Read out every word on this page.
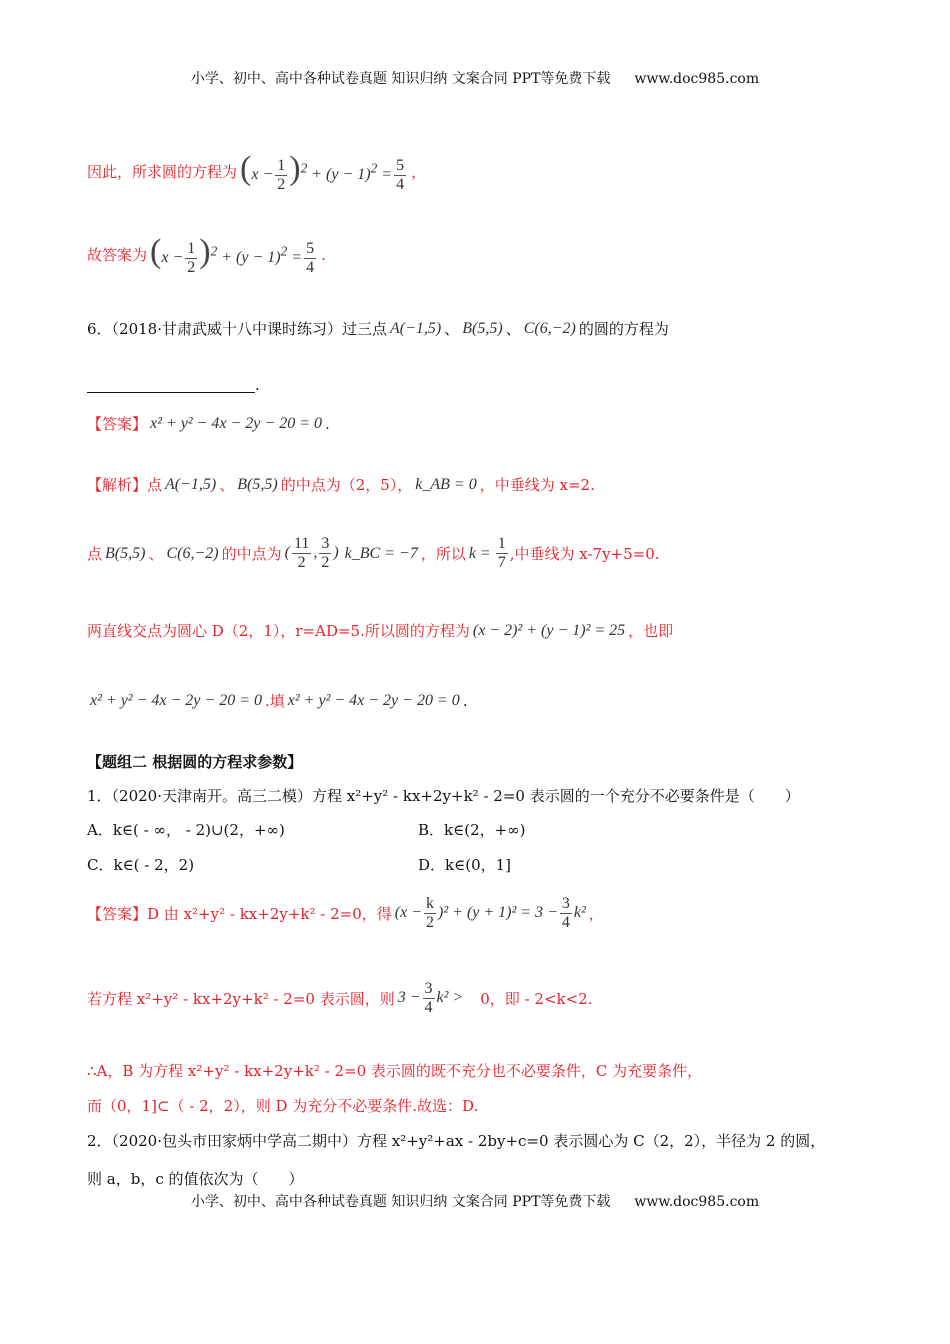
小学、初中、高中各种试卷真题 知识归纳 文案合同 PPT等免费下载 www.doc985.com
因此，所求圆的方程为 $(x - \frac{1}{2} )^2 + (y - 1)^2 = \frac{5}{4}$ ，
故答案为 $(x - \frac{1}{2} )^2 + (y - 1)^2 = \frac{5}{4}$ .
6．（2018·甘肃武威十八中课时练习）过三点 A(−1,5) 、 B(5,5) 、 C(6,−2) 的圆的方程为
.
【答案】 x² + y² − 4x − 2y − 20 = 0 .
【解析】点 A(−1,5) 、 B(5,5) 的中点为（2，5）， k_AB = 0 ，中垂线为 x=2.
点 B(5,5) 、 C(6,−2) 的中点为 ( $\frac{11}{2}$ , $\frac{3}{2}$ ) k_BC = −7 ，所以 $k = \frac{1}{7}$ ,中垂线为 x-7y+5=0.
两直线交点为圆心 D（2，1），r=AD=5.所以圆的方程为 (x − 2)² + (y − 1)² = 25 ，也即
x² + y² − 4x − 2y − 20 = 0 .填 x² + y² − 4x − 2y − 20 = 0 .
【题组二 根据圆的方程求参数】
1．（2020·天津南开。高三二模）方程 x²+y² - kx+2y+k² - 2=0 表示圆的一个充分不必要条件是（　　）
A．k∈( - ∞， - 2)∪(2，+∞)	B．k∈(2，+∞)
C．k∈( - 2，2)	D．k∈(0，1]
【答案】 D 由 x²+y² - kx+2y+k² - 2=0，得 $(x - \frac{k}{2} )^2 + (y + 1)^2 = 3 - \frac{3}{4} k^2$ ，
若方程 x²+y² - kx+2y+k² - 2=0 表示圆，则 $3 - \frac{3}{4} k^2 > 0$，即 - 2<k<2.
∴A，B 为方程 x²+y² - kx+2y+k² - 2=0 表示圆的既不充分也不必要条件，C 为充要条件，
而（0，1]⊂（ - 2，2），则 D 为充分不必要条件.故选：D.
2．（2020·包头市田家炳中学高二期中）方程 x²+y²+ax - 2by+c=0 表示圆心为 C（2，2），半径为 2 的圆，
则 a，b，c 的值依次为（　　）
小学、初中、高中各种试卷真题 知识归纳 文案合同 PPT等免费下载 www.doc985.com
